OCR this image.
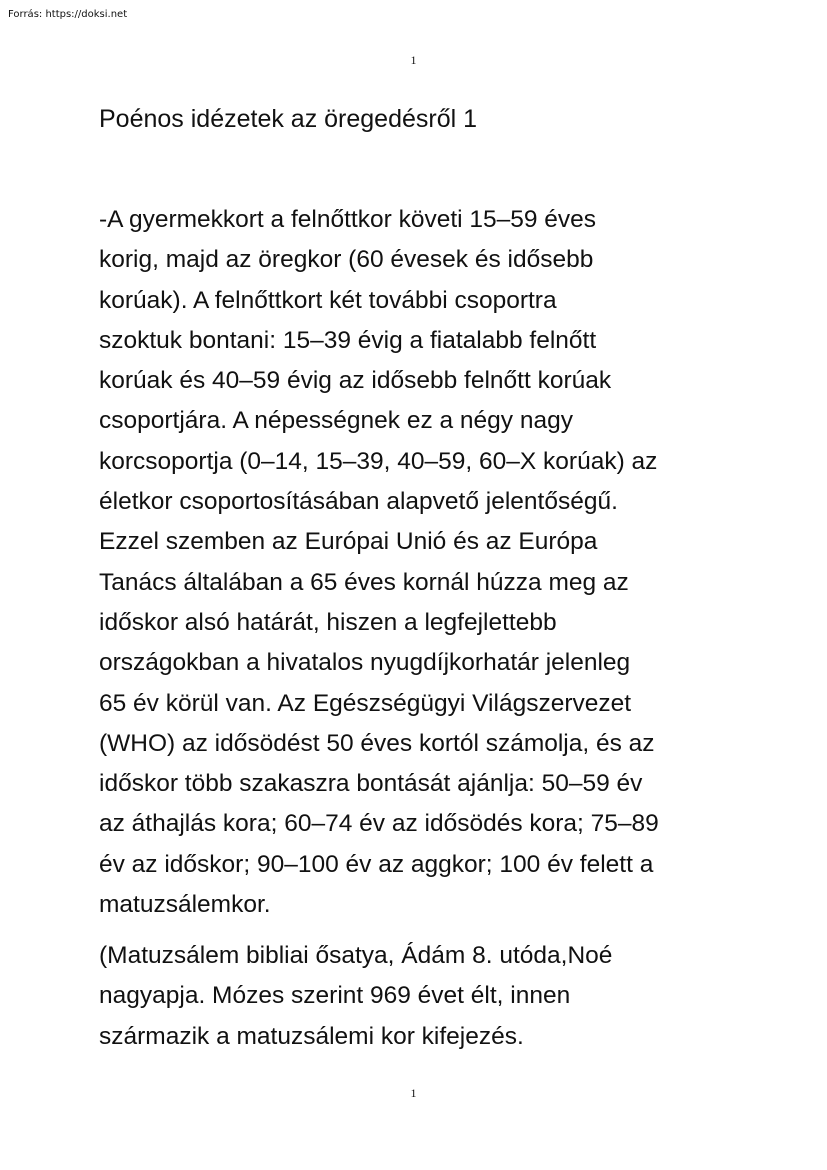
Forrás: https://doksi.net
1
Poénos idézetek az öregedésről 1

-A gyermekkort a felnőttkor követi 15–59 éves
korig, majd az öregkor (60 évesek és idősebb
korúak). A felnőttkort két további csoportra
szoktuk bontani: 15–39 évig a fiatalabb felnőtt
korúak és 40–59 évig az idősebb felnőtt korúak
csoportjára. A népességnek ez a négy nagy
korcsoportja (0–14, 15–39, 40–59, 60–X korúak) az
életkor csoportosításában alapvető jelentőségű.
Ezzel szemben az Európai Unió és az Európa
Tanács általában a 65 éves kornál húzza meg az
időskor alsó határát, hiszen a legfejlettebb
országokban a hivatalos nyugdíjkorhatár jelenleg
65 év körül van. Az Egészségügyi Világszervezet
(WHO) az idősödést 50 éves kortól számolja, és az
időskor több szakaszra bontását ajánlja: 50–59 év
az áthajlás kora; 60–74 év az idősödés kora; 75–89
év az időskor; 90–100 év az aggkor; 100 év felett a
matuzsálemkor.

(Matuzsálem bibliai ősatya, Ádám 8. utóda,Noé
nagyapja. Mózes szerint 969 évet élt, innen
származik a matuzsálemi kor kifejezés.

1
